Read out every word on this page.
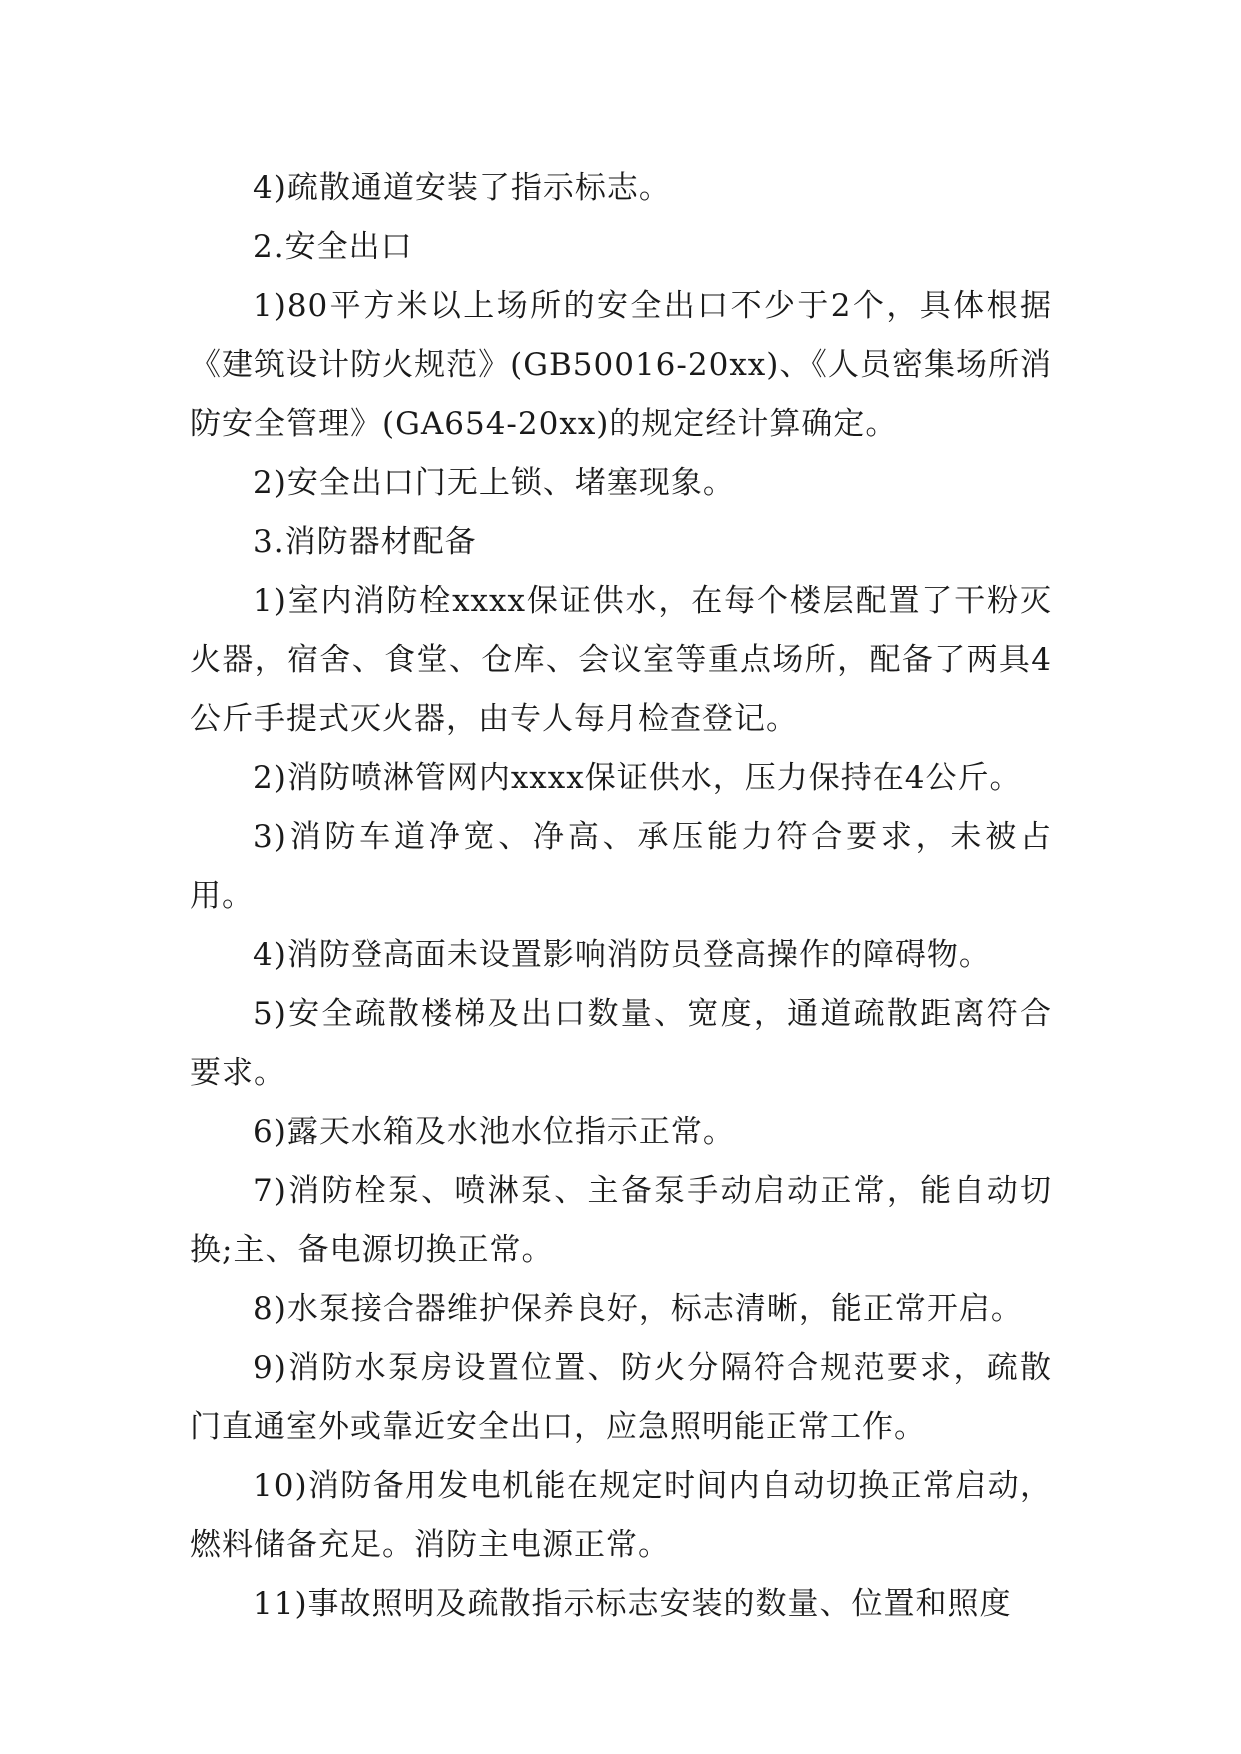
4)疏散通道安装了指示标志。

2.安全出口

1)80平方米以上场所的安全出口不少于2个，具体根据《建筑设计防火规范》(GB50016-20xx)、《人员密集场所消防安全管理》(GA654-20xx)的规定经计算确定。

2)安全出口门无上锁、堵塞现象。

3.消防器材配备

1)室内消防栓xxxx保证供水，在每个楼层配置了干粉灭火器，宿舍、食堂、仓库、会议室等重点场所，配备了两具4公斤手提式灭火器，由专人每月检查登记。

2)消防喷淋管网内xxxx保证供水，压力保持在4公斤。

3)消防车道净宽、净高、承压能力符合要求，未被占用。

4)消防登高面未设置影响消防员登高操作的障碍物。

5)安全疏散楼梯及出口数量、宽度，通道疏散距离符合要求。

6)露天水箱及水池水位指示正常。

7)消防栓泵、喷淋泵、主备泵手动启动正常，能自动切换;主、备电源切换正常。

8)水泵接合器维护保养良好，标志清晰，能正常开启。

9)消防水泵房设置位置、防火分隔符合规范要求，疏散门直通室外或靠近安全出口，应急照明能正常工作。

10)消防备用发电机能在规定时间内自动切换正常启动，燃料储备充足。消防主电源正常。

11)事故照明及疏散指示标志安装的数量、位置和照度
